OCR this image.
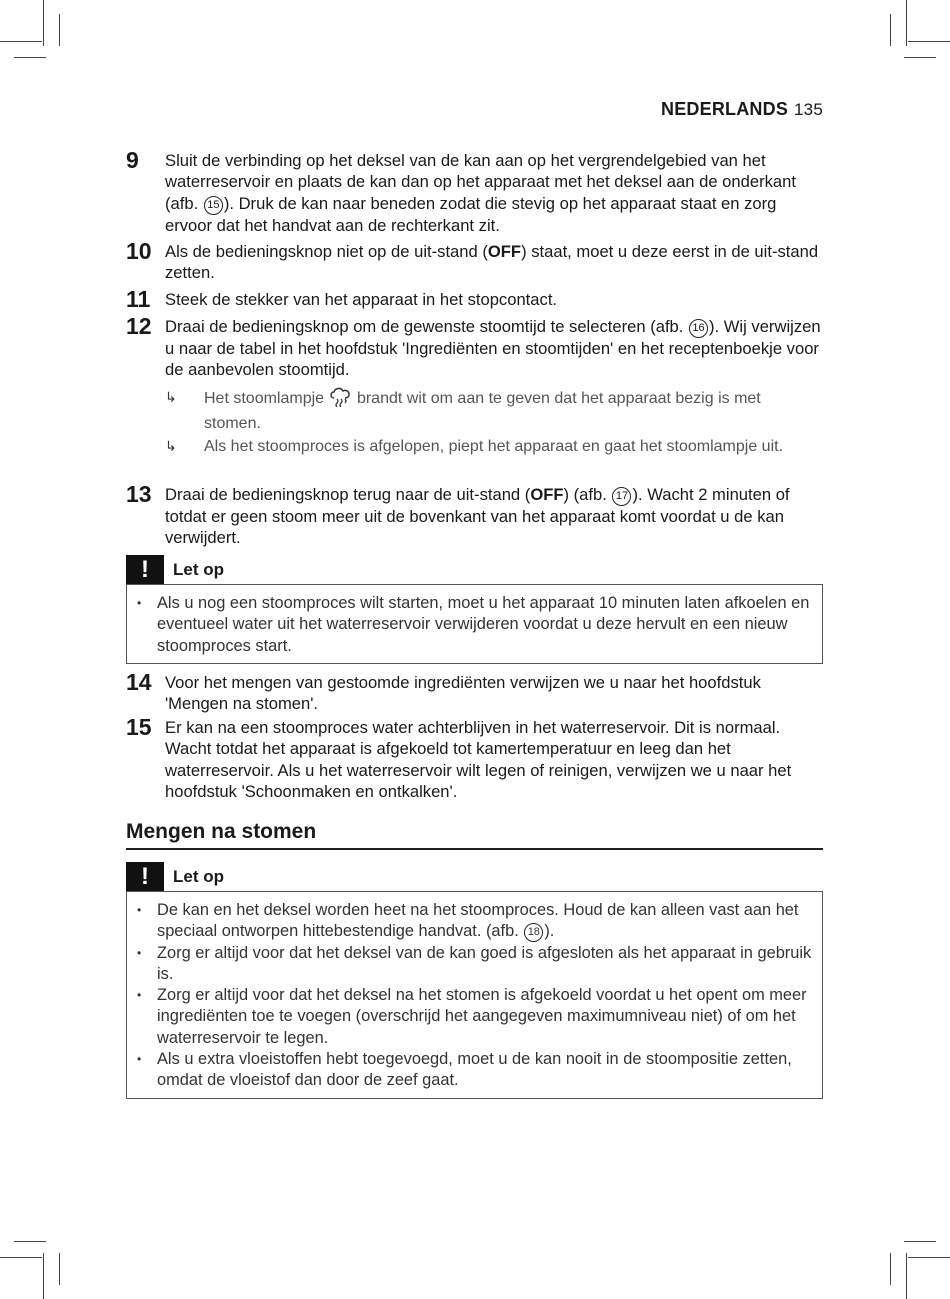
NEDERLANDS 135
9 Sluit de verbinding op het deksel van de kan aan op het vergrendelgebied van het waterreservoir en plaats de kan dan op het apparaat met het deksel aan de onderkant (afb. 15 ). Druk de kan naar beneden zodat die stevig op het apparaat staat en zorg ervoor dat het handvat aan de rechterkant zit.
10 Als de bedieningsknop niet op de uit-stand (OFF) staat, moet u deze eerst in de uit-stand zetten.
11 Steek de stekker van het apparaat in het stopcontact.
12 Draai de bedieningsknop om de gewenste stoomtijd te selecteren (afb. 16 ). Wij verwijzen u naar de tabel in het hoofdstuk 'Ingrediënten en stoomtijden' en het receptenboekje voor de aanbevolen stoomtijd.
↳ Het stoomlampje  brandt wit om aan te geven dat het apparaat bezig is met stomen.
↳ Als het stoomproces is afgelopen, piept het apparaat en gaat het stoomlampje uit.
13 Draai de bedieningsknop terug naar de uit-stand (OFF) (afb. 17 ). Wacht 2 minuten of totdat er geen stoom meer uit de bovenkant van het apparaat komt voordat u de kan verwijdert.
!	Let op
• Als u nog een stoomproces wilt starten, moet u het apparaat 10 minuten laten afkoelen en eventueel water uit het waterreservoir verwijderen voordat u deze hervult en een nieuw stoomproces start.
14 Voor het mengen van gestoomde ingrediënten verwijzen we u naar het hoofdstuk 'Mengen na stomen'.
15 Er kan na een stoomproces water achterblijven in het waterreservoir. Dit is normaal. Wacht totdat het apparaat is afgekoeld tot kamertemperatuur en leeg dan het waterreservoir. Als u het waterreservoir wilt legen of reinigen, verwijzen we u naar het hoofdstuk 'Schoonmaken en ontkalken'.
Mengen na stomen
!	Let op
• De kan en het deksel worden heet na het stoomproces. Houd de kan alleen vast aan het speciaal ontworpen hittebestendige handvat. (afb. 18 ).
• Zorg er altijd voor dat het deksel van de kan goed is afgesloten als het apparaat in gebruik is.
• Zorg er altijd voor dat het deksel na het stomen is afgekoeld voordat u het opent om meer ingrediënten toe te voegen (overschrijd het aangegeven maximumniveau niet) of om het waterreservoir te legen.
• Als u extra vloeistoffen hebt toegevoegd, moet u de kan nooit in de stoompositie zetten, omdat de vloeistof dan door de zeef gaat.
